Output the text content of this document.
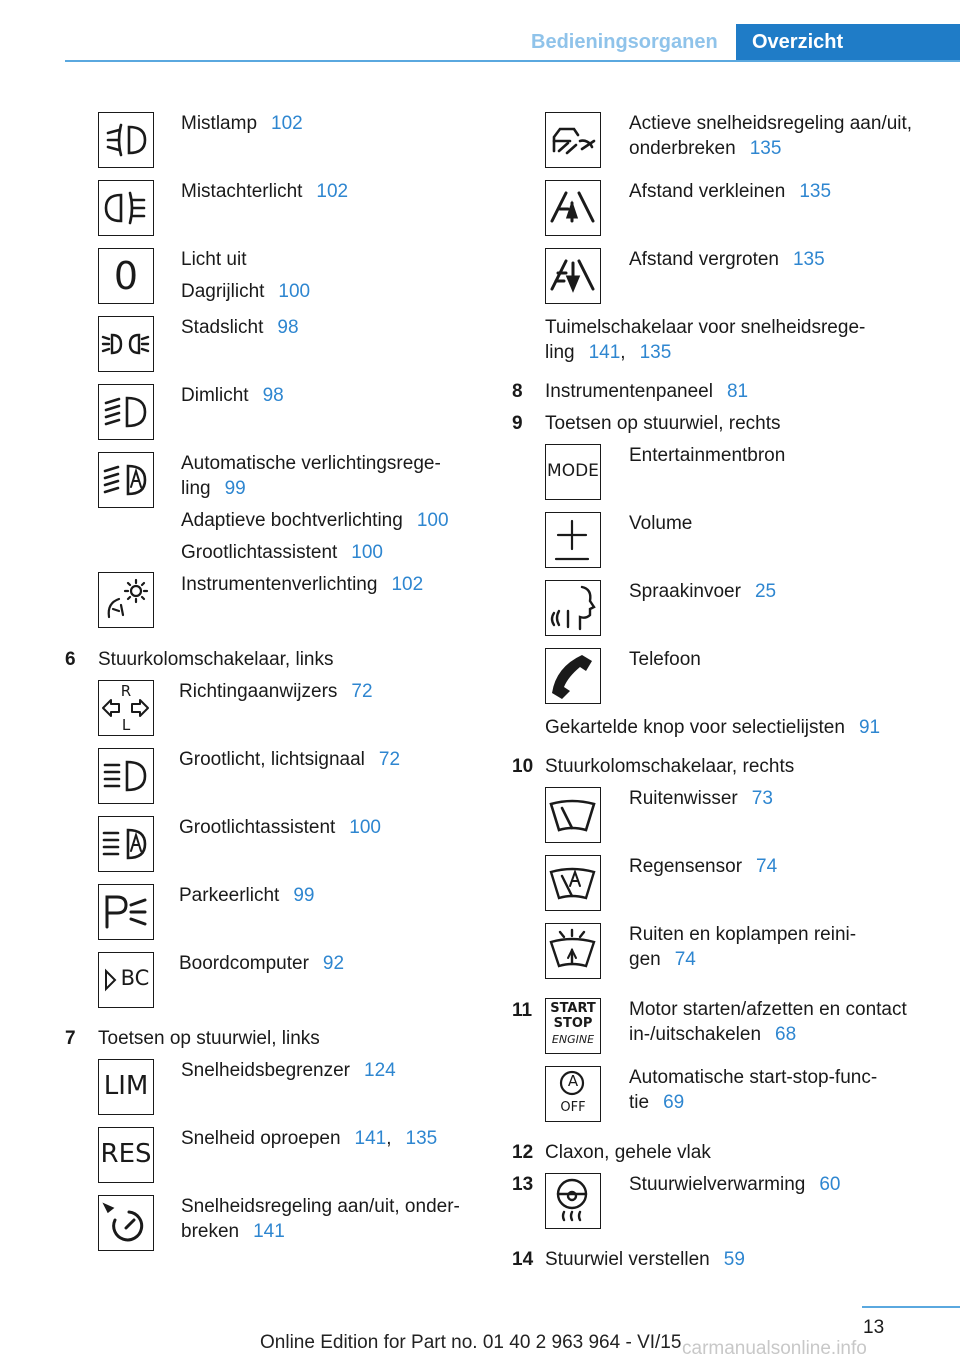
Bedieningsorganen	Overzicht
Mistlamp 102
Mistachterlicht 102
0	Licht uit
Dagrijlicht 100
Stadslicht 98
Dimlicht 98
Automatische verlichtingsrege-
ling 99
Adaptieve bochtverlichting 100
Grootlichtassistent 100
Instrumentenverlichting 102
6 Stuurkolomschakelaar, links
R
L
Richtingaanwijzers 72
Grootlicht, lichtsignaal 72
Grootlichtassistent 100
Parkeerlicht 99
BC
Boordcomputer 92
7 Toetsen op stuurwiel, links
LIM
Snelheidsbegrenzer 124
RES
Snelheid oproepen 141, 135
Snelheidsregeling aan/uit, onder-
breken 141
Actieve snelheidsregeling aan/uit,
onderbreken 135
Afstand verkleinen 135
Afstand vergroten 135
Tuimelschakelaar voor snelheidsrege-
ling 141, 135
8 Instrumentenpaneel 81
9 Toetsen op stuurwiel, rechts
MODE
Entertainmentbron
Volume
Spraakinvoer 25
Telefoon
Gekartelde knop voor selectielijsten 91
10 Stuurkolomschakelaar, rechts
Ruitenwisser 73
Regensensor 74
Ruiten en koplampen reini-
gen 74
11	START
STOP
ENGINE
Motor starten/afzetten en contact
in-/uitschakelen 68
A
OFF
Automatische start-stop-func-
tie 69
12 Claxon, gehele vlak
13	Stuurwielverwarming 60
14 Stuurwiel verstellen 59
13
Online Edition for Part no. 01 40 2 963 964 - VI/15 carmanualsonline.info
